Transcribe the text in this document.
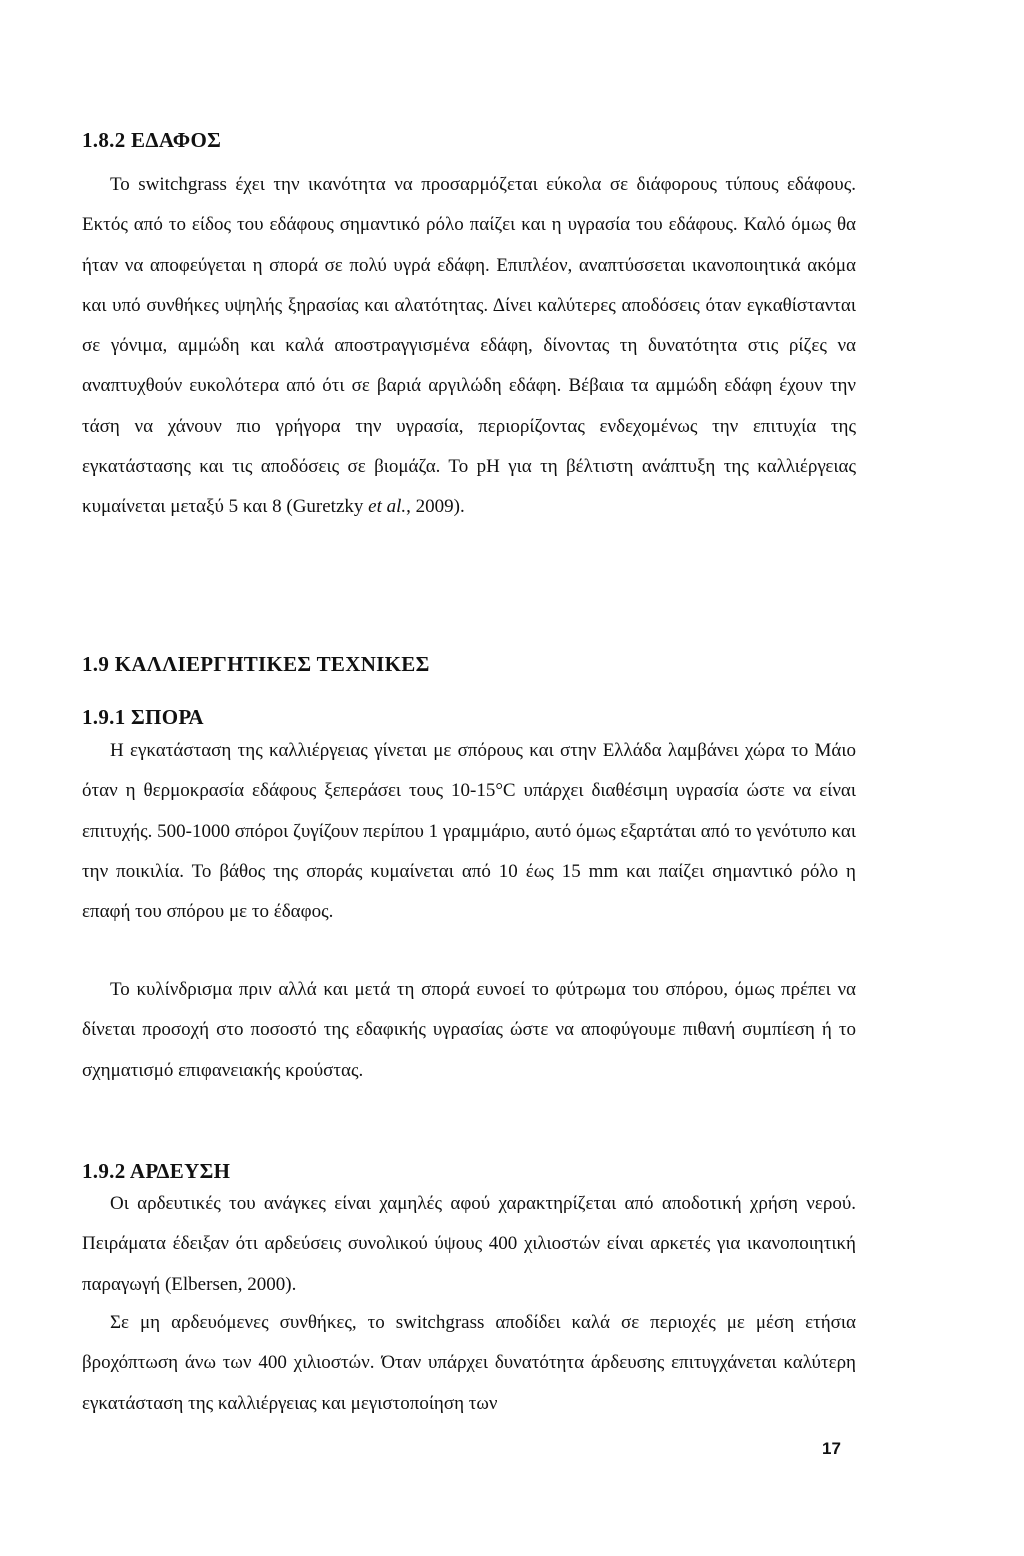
1.8.2 ΕΔΑΦΟΣ

Το switchgrass έχει την ικανότητα να προσαρμόζεται εύκολα σε διάφορους τύπους εδάφους. Εκτός από το είδος του εδάφους σημαντικό ρόλο παίζει και η υγρασία του εδάφους. Καλό όμως θα ήταν να αποφεύγεται η σπορά σε πολύ υγρά εδάφη. Επιπλέον, αναπτύσσεται ικανοποιητικά ακόμα και υπό συνθήκες υψηλής ξηρασίας και αλατότητας. Δίνει καλύτερες αποδόσεις όταν εγκαθίστανται σε γόνιμα, αμμώδη και καλά αποστραγγισμένα εδάφη, δίνοντας τη δυνατότητα στις ρίζες να αναπτυχθούν ευκολότερα από ότι σε βαριά αργιλώδη εδάφη. Βέβαια τα αμμώδη εδάφη έχουν την τάση να χάνουν πιο γρήγορα την υγρασία, περιορίζοντας ενδεχομένως την επιτυχία της εγκατάστασης και τις αποδόσεις σε βιομάζα. Το pH για τη βέλτιστη ανάπτυξη της καλλιέργειας κυμαίνεται μεταξύ 5 και 8 (Guretzky et al., 2009).

1.9 ΚΑΛΛΙΕΡΓΗΤΙΚΕΣ ΤΕΧΝΙΚΕΣ
1.9.1 ΣΠΟΡΑ

Η εγκατάσταση της καλλιέργειας γίνεται με σπόρους και στην Ελλάδα λαμβάνει χώρα το Μάιο όταν η θερμοκρασία εδάφους ξεπεράσει τους 10-15°C υπάρχει διαθέσιμη υγρασία ώστε να είναι επιτυχής. 500-1000 σπόροι ζυγίζουν περίπου 1 γραμμάριο, αυτό όμως εξαρτάται από το γενότυπο και την ποικιλία. Το βάθος της σποράς κυμαίνεται από 10 έως 15 mm και παίζει σημαντικό ρόλο η επαφή του σπόρου με το έδαφος.

Το κυλίνδρισμα πριν αλλά και μετά τη σπορά ευνοεί το φύτρωμα του σπόρου, όμως πρέπει να δίνεται προσοχή στο ποσοστό της εδαφικής υγρασίας ώστε να αποφύγουμε πιθανή συμπίεση ή το σχηματισμό επιφανειακής κρούστας.

1.9.2 ΑΡΔΕΥΣΗ

Οι αρδευτικές του ανάγκες είναι χαμηλές αφού χαρακτηρίζεται από αποδοτική χρήση νερού. Πειράματα έδειξαν ότι αρδεύσεις συνολικού ύψους 400 χιλιοστών είναι αρκετές για ικανοποιητική παραγωγή (Elbersen, 2000).

Σε μη αρδευόμενες συνθήκες, το switchgrass αποδίδει καλά σε περιοχές με μέση ετήσια βροχόπτωση άνω των 400 χιλιοστών. Όταν υπάρχει δυνατότητα άρδευσης επιτυγχάνεται καλύτερη εγκατάσταση της καλλιέργειας και μεγιστοποίηση των

17
